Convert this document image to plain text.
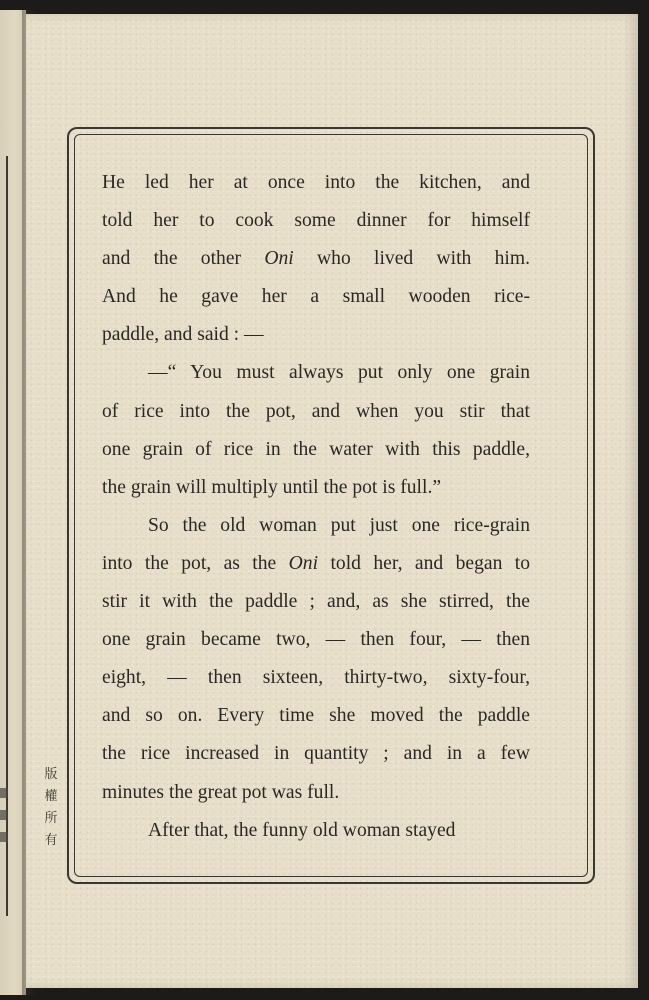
版
權
所
有
He led her at once into the kitchen, and
told her to cook some dinner for himself
and the other Oni who lived with him.
And he gave her a small wooden rice-
paddle, and said : —
—“ You must always put only one grain
of rice into the pot, and when you stir that
one grain of rice in the water with this paddle,
the grain will multiply until the pot is full.”
So the old woman put just one rice-grain
into the pot, as the Oni told her, and began to
stir it with the paddle ; and, as she stirred, the
one grain became two, — then four, — then
eight, — then sixteen, thirty-two, sixty-four,
and so on. Every time she moved the paddle
the rice increased in quantity ; and in a few
minutes the great pot was full.
After that, the funny old woman stayed
